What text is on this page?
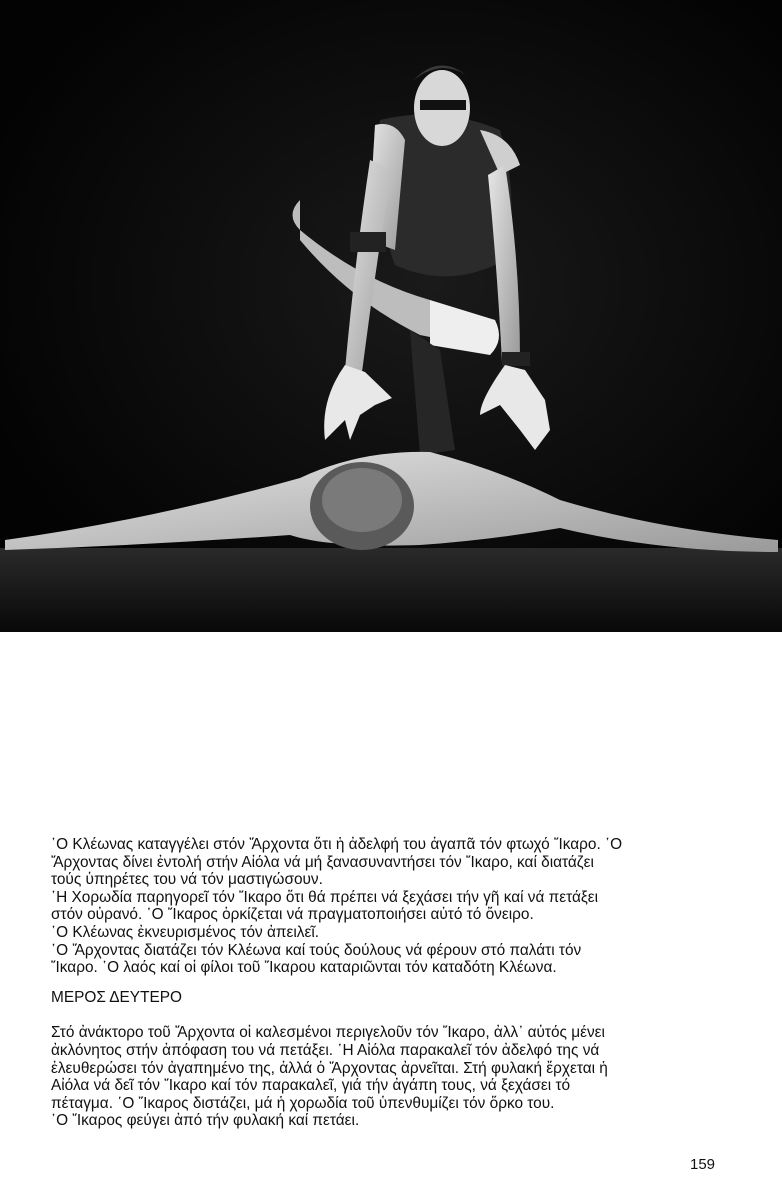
῾Ο Κλέωνας καταγγέλει στόν Ἄρχοντα ὅτι ἡ ἀδελφή του ἀγαπᾶ τόν φτωχό Ἴκαρο. ῾Ο

Ἄρχοντας δίνει ἐντολή στήν Αἰόλα νά μή ξανασυναντήσει τόν Ἴκαρο, καί διατάζει

τούς ὑπηρέτες του νά τόν μαστιγώσουν.

῾Η Χορωδία παρηγορεῖ τόν Ἴκαρο ὅτι θά πρέπει νά ξεχάσει τήν γῆ καί νά πετάξει

στόν οὐρανό. ῾Ο Ἴκαρος ὁρκίζεται νά πραγματοποιήσει αὐτό τό ὄνειρο.

῾Ο Κλέωνας ἐκνευρισμένος τόν ἀπειλεῖ.

῾Ο Ἄρχοντας διατάζει τόν Κλέωνα καί τούς δούλους νά φέρουν στό παλάτι τόν

Ἴκαρο. ῾Ο λαός καί οἱ φίλοι τοῦ Ἴκαρου καταριῶνται τόν καταδότη Κλέωνα.

ΜΕΡΟΣ ΔΕΥΤΕΡΟ

Στό ἀνάκτορο τοῦ Ἄρχοντα οἱ καλεσμένοι περιγελοῦν τόν Ἴκαρο, ἀλλ᾽ αὐτός μένει

ἀκλόνητος στήν ἀπόφαση του νά πετάξει. ῾Η Αἰόλα παρακαλεῖ τόν ἀδελφό της νά

ἐλευθερώσει τόν ἀγαπημένο της, ἀλλά ὁ Ἄρχοντας ἀρνεῖται. Στή φυλακή ἔρχεται ἡ

Αἰόλα νά δεῖ τόν Ἴκαρο καί τόν παρακαλεῖ, γιά τήν ἀγάπη τους, νά ξεχάσει τό

πέταγμα. ῾Ο Ἴκαρος διστάζει, μά ἡ χορωδία τοῦ ὑπενθυμίζει τόν ὅρκο του.

῾Ο Ἴκαρος φεύγει ἀπό τήν φυλακή καί πετάει.

159
